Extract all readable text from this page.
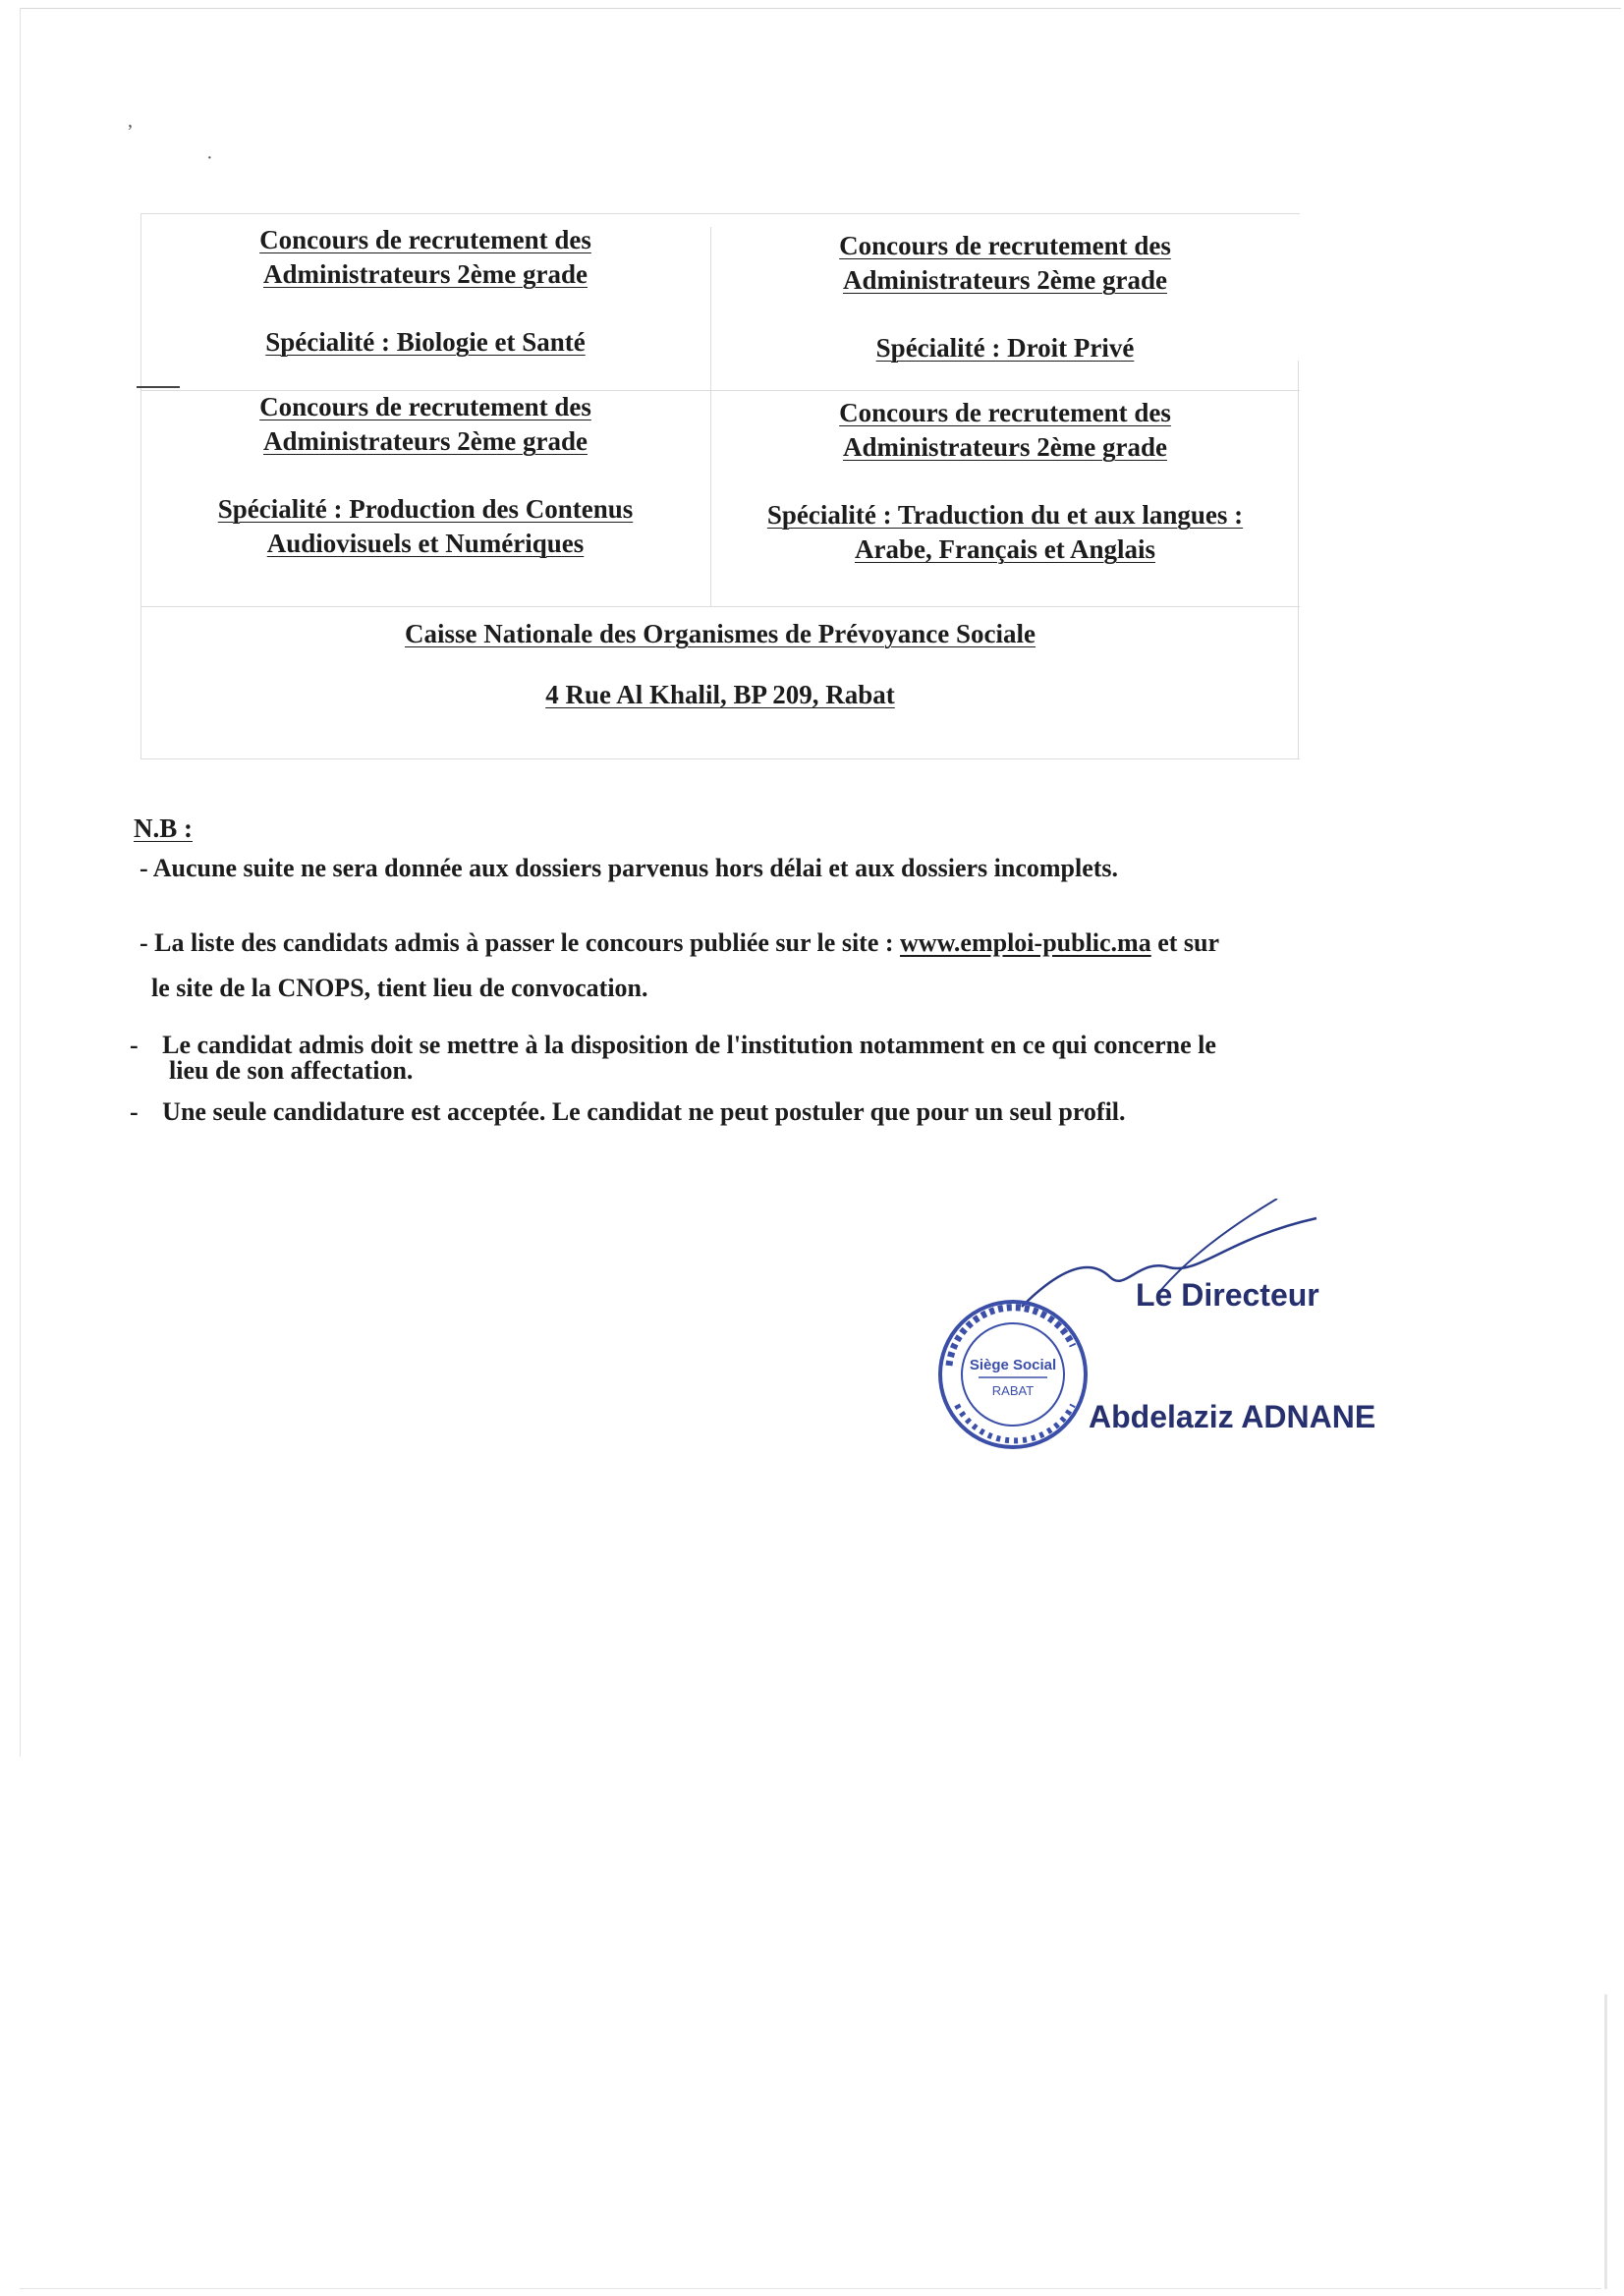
,
·
Concours de recrutement des
Administrateurs 2ème grade
Spécialité : Biologie et Santé
Concours de recrutement des
Administrateurs 2ème grade
Spécialité : Production des Contenus
Audiovisuels et Numériques
Concours de recrutement des
Administrateurs 2ème grade
Spécialité : Droit Privé
Concours de recrutement des
Administrateurs 2ème grade
Spécialité : Traduction du et aux langues :
Arabe, Français et Anglais
Caisse Nationale des Organismes de Prévoyance Sociale
4 Rue Al Khalil, BP 209, Rabat
N.B :
- Aucune suite ne sera donnée aux dossiers parvenus hors délai et aux dossiers incomplets.
- La liste des candidats admis à passer le concours publiée sur le site : www.emploi-public.ma et sur
le site de la CNOPS, tient lieu de convocation.
- Le candidat admis doit se mettre à la disposition de l'institution notamment en ce qui concerne le
lieu de son affectation.
- Une seule candidature est acceptée. Le candidat ne peut postuler que pour un seul profil.
Siège Social
RABAT
Le Directeur
Abdelaziz ADNANE
